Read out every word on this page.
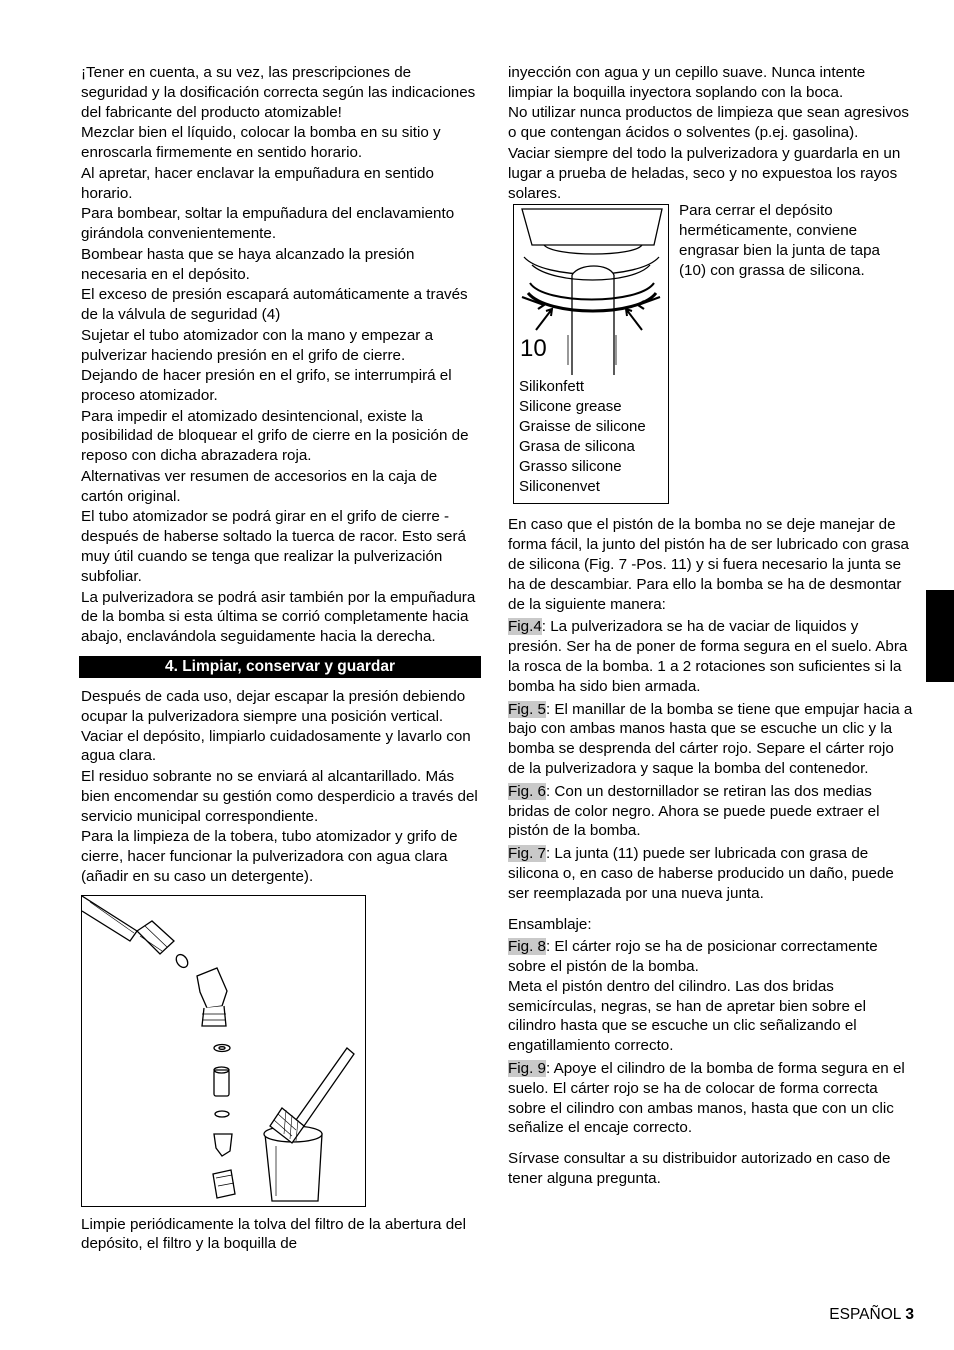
¡Tener en cuenta, a su vez, las prescripciones de seguridad y la dosificación correcta según las indicaciones del fabricante del producto atomizable!

Mezclar bien el líquido, colocar la bomba en su sitio y enroscarla firmemente en sentido horario.

Al apretar, hacer enclavar la empuñadura en sentido horario.

Para bombear, soltar la empuñadura del enclavamiento girándola convenientemente.

Bombear hasta que se haya alcanzado la presión necesaria en el depósito.

El exceso de presión escapará automáticamente a través de la válvula de seguridad (4)

Sujetar el tubo atomizador con la mano y empezar a pulverizar haciendo presión en el grifo de cierre.

Dejando de hacer presión en el grifo, se interrumpirá el proceso atomizador.

Para impedir el atomizado desintencional, existe la posibilidad de bloquear el grifo de cierre en la posición de reposo con dicha abrazadera roja.

Alternativas ver resumen de accesorios en la caja de cartón original.

El tubo atomizador se podrá girar en el grifo de cierre - después de haberse soltado la tuerca de racor. Esto será muy útil cuando se tenga que realizar la pulverización subfoliar.

La pulverizadora se podrá asir también por la empuñadura de la bomba si esta última se corrió completamente hacia abajo, enclavándola seguidamente hacia la derecha.

4. Limpiar, conservar y guardar

Después de cada uso, dejar escapar la presión debiendo ocupar la pulverizadora siempre una posición vertical. Vaciar el depósito, limpiarlo cuidadosamente y lavarlo con agua clara.

El residuo sobrante no se enviará al alcantarillado. Más bien encomendar su gestión como desperdicio a través del servicio municipal correspondiente.

Para la limpieza de la tobera, tubo atomizador y grifo de cierre, hacer funcionar la pulverizadora con agua clara (añadir en su caso un detergente).

Limpie periódicamente la tolva del filtro de la abertura del depósito, el filtro y la boquilla de

inyección con agua y un cepillo suave. Nunca intente limpiar la boquilla inyectora soplando con la boca.

No utilizar nunca productos de limpieza que sean agresivos o que contengan ácidos o solventes (p.ej. gasolina).

Vaciar siempre del todo la pulverizadora y guardarla en un lugar a prueba de heladas, seco y no expuestoa los rayos solares.

10
Silikonfett
Silicone grease
Graisse de silicone
Grasa de silicona
Grasso silicone
Siliconenvet
Para cerrar el depósito herméticamente, conviene engrasar bien la junta de tapa (10) con grassa de silicona.

En caso que el pistón de la bomba no se deje manejar de forma fácil, la junto del pistón ha de ser lubricado con grasa de silicona (Fig. 7 -Pos. 11) y si fuera necesario la junta se ha de descambiar. Para ello la bomba se ha de desmontar de la siguiente manera:

Fig.4: La pulverizadora se ha de vaciar de liquidos y presión. Ser ha de poner de forma segura en el suelo. Abra la rosca de la bomba. 1 a 2 rotaciones son suficientes si la bomba ha sido bien armada.

Fig. 5: El manillar de la bomba se tiene que empujar hacia a bajo con ambas manos hasta que se escuche un clic y la bomba se desprenda del cárter rojo. Separe el cárter rojo de la pulverizadora y saque la bomba del contenedor.

Fig. 6: Con un destornillador se retiran las dos medias bridas de color negro. Ahora se puede puede extraer el pistón de la bomba.

Fig. 7: La junta (11) puede ser lubricada con grasa de silicona o, en caso de haberse producido un daño, puede ser reemplazada por una nueva junta.

Ensamblaje:

Fig. 8: El cárter rojo se ha de posicionar correctamente sobre el pistón de la bomba.

Meta el pistón dentro del cilindro. Las dos bridas semicírculas, negras, se han de apretar bien sobre el cilindro hasta que se escuche un clic señalizando el engatillamiento correcto.

Fig. 9: Apoye el cilindro de la bomba de forma segura en el suelo. El cárter rojo se ha de colocar de forma correcta sobre el cilindro con ambas manos, hasta que con un clic señalize el encaje correcto.

Sírvase consultar a su distribuidor autorizado en caso de tener alguna pregunta.

ESPAÑOL 3
